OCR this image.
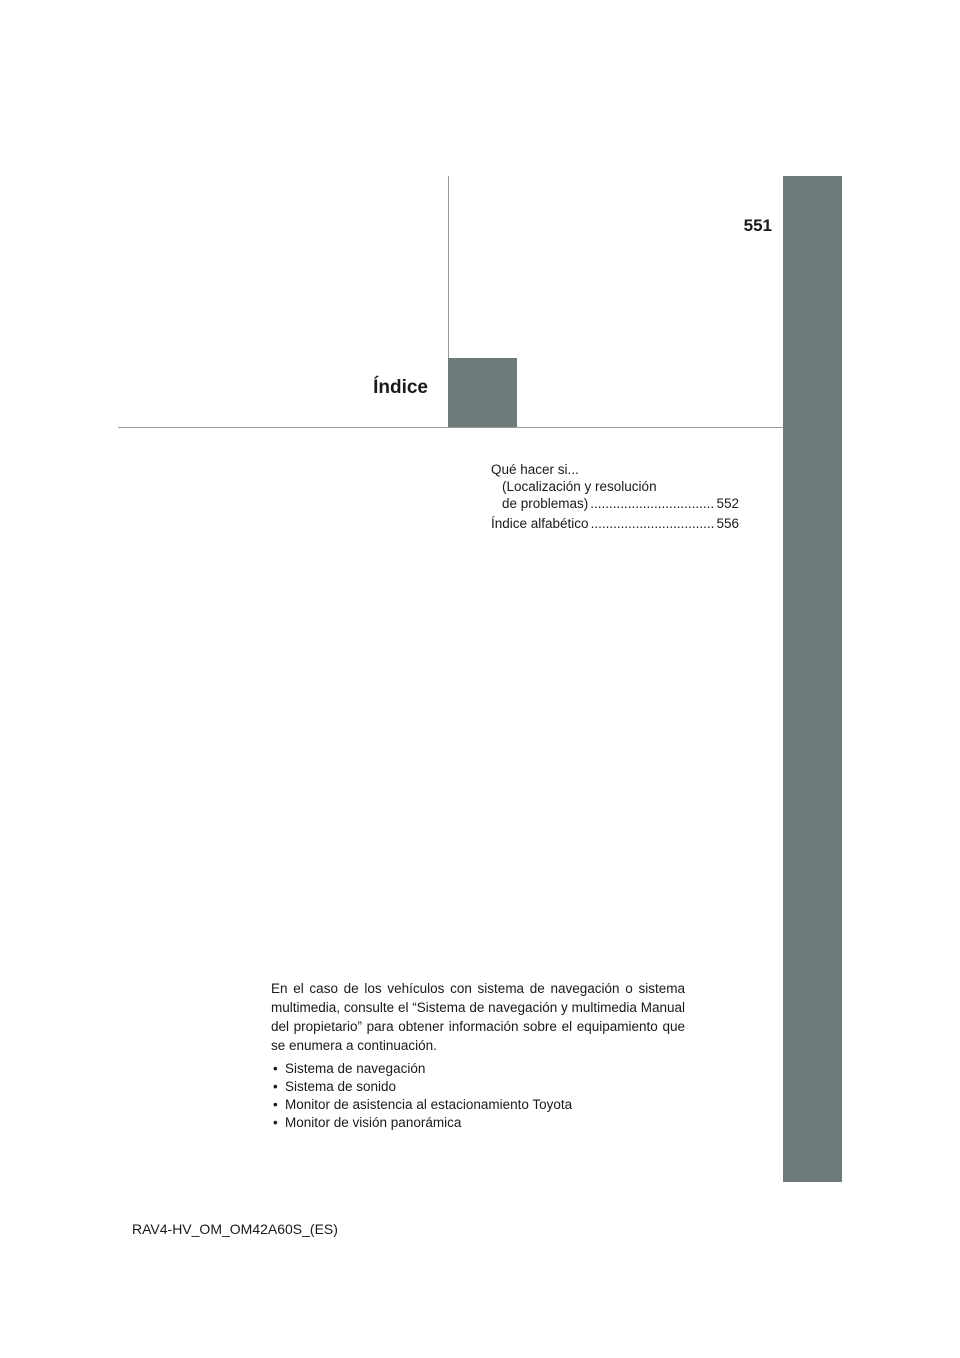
551
Índice
Qué hacer si...
(Localización y resolución
de problemas) .....	552
Índice alfabético .....	556

En el caso de los vehículos con sistema de navegación o sistema multimedia, consulte el “Sistema de navegación y multimedia Manual del propietario” para obtener información sobre el equipamiento que se enumera a continuación.

• Sistema de navegación
• Sistema de sonido
• Monitor de asistencia al estacionamiento Toyota
• Monitor de visión panorámica
RAV4-HV_OM_OM42A60S_(ES)
